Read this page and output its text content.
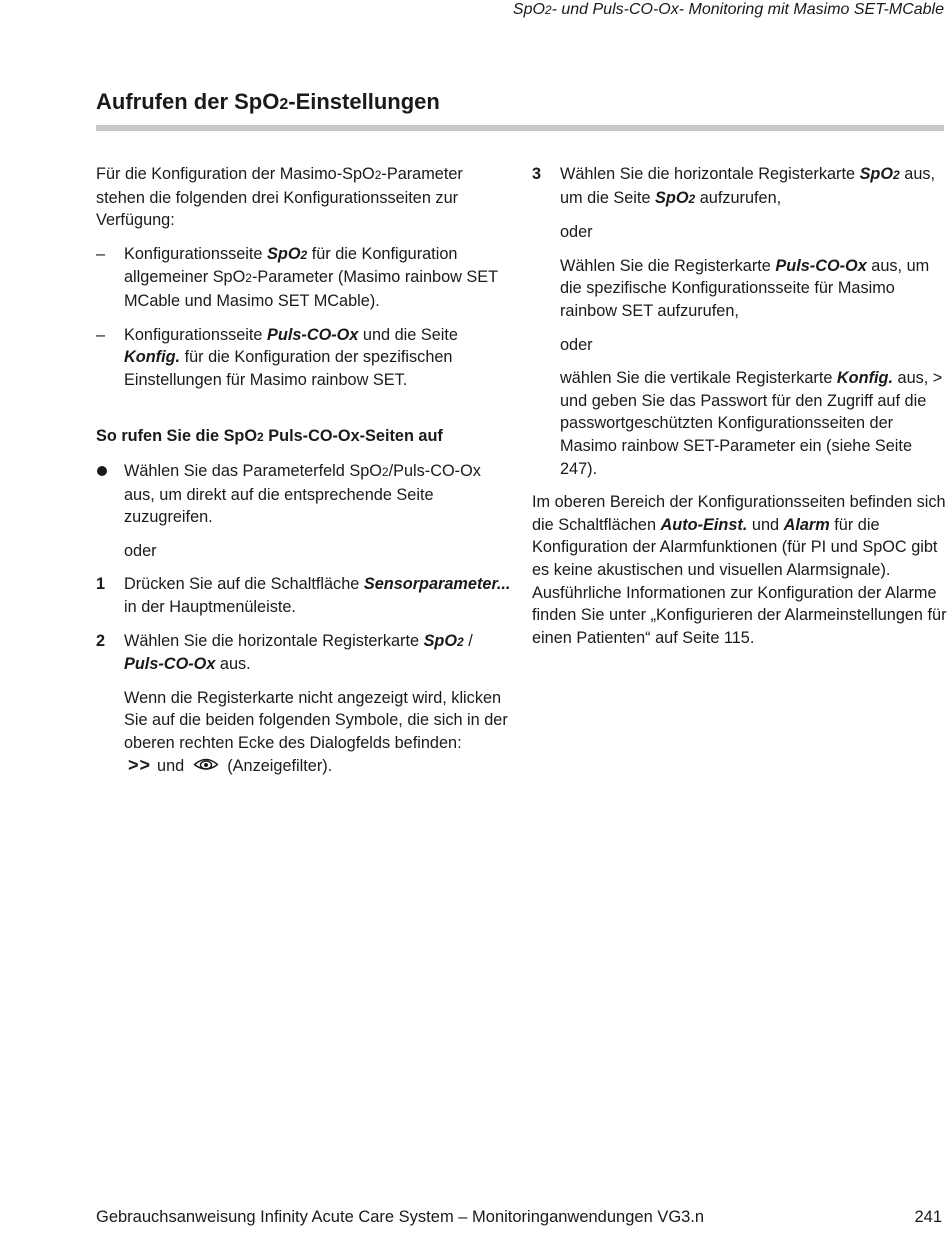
SpO2- und Puls-CO-Ox- Monitoring mit Masimo SET-MCable
Aufrufen der SpO2-Einstellungen

Für die Konfiguration der Masimo-SpO2-Parameter stehen die folgenden drei Konfigurationsseiten zur Verfügung:

– Konfigurationsseite SpO2 für die Konfiguration allgemeiner SpO2-Parameter (Masimo rainbow SET MCable und Masimo SET MCable).
– Konfigurationsseite Puls-CO-Ox und die Seite Konfig. für die Konfiguration der spezifischen Einstellungen für Masimo rainbow SET.

So rufen Sie die SpO2 Puls-CO-Ox-Seiten auf

Wählen Sie das Parameterfeld SpO2/Puls-CO-Ox aus, um direkt auf die entsprechende Seite zuzugreifen.

oder

1 Drücken Sie auf die Schaltfläche Sensorparameter... in der Hauptmenüleiste.
2 Wählen Sie die horizontale Registerkarte SpO2 / Puls-CO-Ox aus.

Wenn die Registerkarte nicht angezeigt wird, klicken Sie auf die beiden folgenden Symbole, die sich in der oberen rechten Ecke des Dialogfelds befinden: >> und	(Anzeigefilter).

3 Wählen Sie die horizontale Registerkarte SpO2 aus, um die Seite SpO2 aufzurufen,

oder

Wählen Sie die Registerkarte Puls-CO-Ox aus, um die spezifische Konfigurationsseite für Masimo rainbow SET aufzurufen,

oder

wählen Sie die vertikale Registerkarte Konfig. aus, > und geben Sie das Passwort für den Zugriff auf die passwortgeschützten Konfigurationsseiten der Masimo rainbow SET-Parameter ein (siehe Seite 247).

Im oberen Bereich der Konfigurationsseiten befinden sich die Schaltflächen Auto-Einst. und Alarm für die Konfiguration der Alarmfunktionen (für PI und SpOC gibt es keine akustischen und visuellen Alarmsignale). Ausführliche Informationen zur Konfiguration der Alarme finden Sie unter „Konfigurieren der Alarmeinstellungen für einen Patienten“ auf Seite 115.

Gebrauchsanweisung Infinity Acute Care System – Monitoringanwendungen VG3.n	241
